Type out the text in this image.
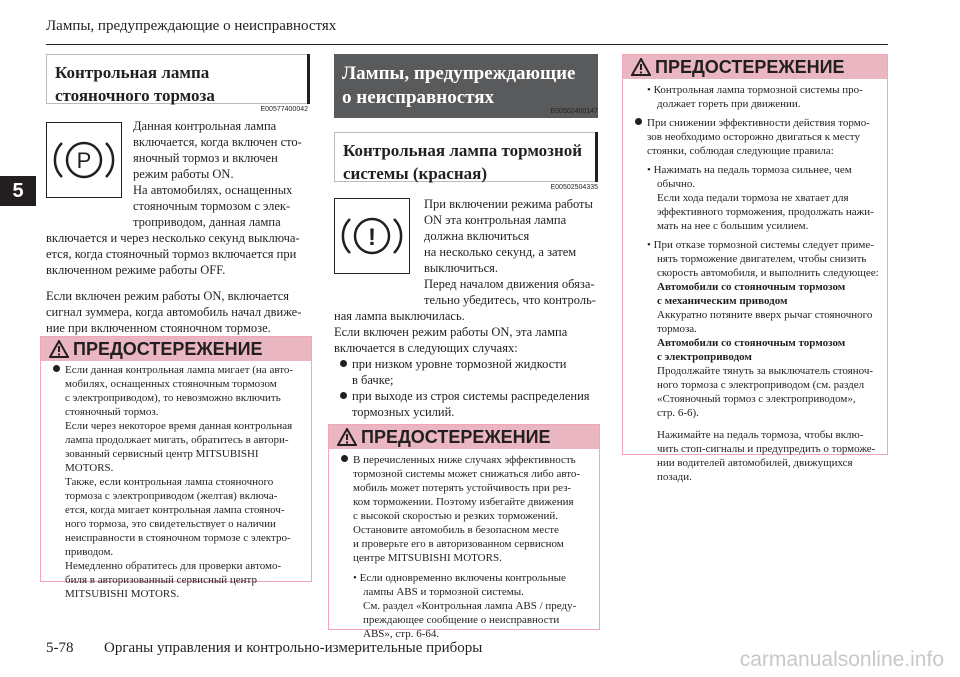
Лампы, предупреждающие о неисправностях
5
Контрольная лампа
стояночного тормоза
E00577400042
P
Данная контрольная лампа
включается, когда включен сто-
яночный тормоз и включен
режим работы ON.
На автомобилях, оснащенных
стояночным тормозом с элек-
троприводом, данная лампа
включается и через несколько секунд выключа-
ется, когда стояночный тормоз включается при
включенном режиме работы OFF.
Если включен режим работы ON, включается
сигнал зуммера, когда автомобиль начал движе-
ние при включенном стояночном тормозе.
ПРЕДОСТЕРЕЖЕНИЕ
Если данная контрольная лампа мигает (на авто-
мобилях, оснащенных стояночным тормозом
с электроприводом), то невозможно включить
стояночный тормоз.
Если через некоторое время данная контрольная
лампа продолжает мигать, обратитесь в автори-
зованный сервисный центр MITSUBISHI
MOTORS.
Также, если контрольная лампа стояночного
тормоза с электроприводом (желтая) включа-
ется, когда мигает контрольная лампа стояноч-
ного тормоза, это свидетельствует о наличии
неисправности в стояночном тормозе с электро-
приводом.
Немедленно обратитесь для проверки автомо-
биля в авторизованный сервисный центр
MITSUBISHI MOTORS.
Лампы, предупреждающие
о неисправностях
E00502400147
Контрольная лампа тормозной
системы (красная)
E00502504335
!
При включении режима работы
ON эта контрольная лампа
должна включиться
на несколько секунд, а затем
выключиться.
Перед началом движения обяза-
тельно убедитесь, что контроль-
ная лампа выключилась.
Если включен режим работы ON, эта лампа
включается в следующих случаях:
при низком уровне тормозной жидкости
в бачке;
при выходе из строя системы распределения
тормозных усилий.
ПРЕДОСТЕРЕЖЕНИЕ
В перечисленных ниже случаях эффективность
тормозной системы может снижаться либо авто-
мобиль может потерять устойчивость при рез-
ком торможении. Поэтому избегайте движения
с высокой скоростью и резких торможений.
Остановите автомобиль в безопасном месте
и проверьте его в авторизованном сервисном
центре MITSUBISHI MOTORS.
• Если одновременно включены контрольные
лампы ABS и тормозной системы.
См. раздел «Контрольная лампа ABS / преду-
преждающее сообщение о неисправности
ABS», стр. 6-64.
ПРЕДОСТЕРЕЖЕНИЕ
• Контрольная лампа тормозной системы про-
должает гореть при движении.
При снижении эффективности действия тормо-
зов необходимо осторожно двигаться к месту
стоянки, соблюдая следующие правила:
• Нажимать на педаль тормоза сильнее, чем
обычно.
Если хода педали тормоза не хватает для
эффективного торможения, продолжать нажи-
мать на нее с большим усилием.
• При отказе тормозной системы следует приме-
нять торможение двигателем, чтобы снизить
скорость автомобиля, и выполнить следующее:
Автомобили со стояночным тормозом
с механическим приводом
Аккуратно потяните вверх рычаг стояночного
тормоза.
Автомобили со стояночным тормозом
с электроприводом
Продолжайте тянуть за выключатель стояноч-
ного тормоза с электроприводом (см. раздел
«Стояночный тормоз с электроприводом»,
стр. 6-6).
Нажимайте на педаль тормоза, чтобы вклю-
чить стоп-сигналы и предупредить о торможе-
нии водителей автомобилей, движущихся
позади.
5-78 Органы управления и контрольно-измерительные приборы	carmanualsonline.info
